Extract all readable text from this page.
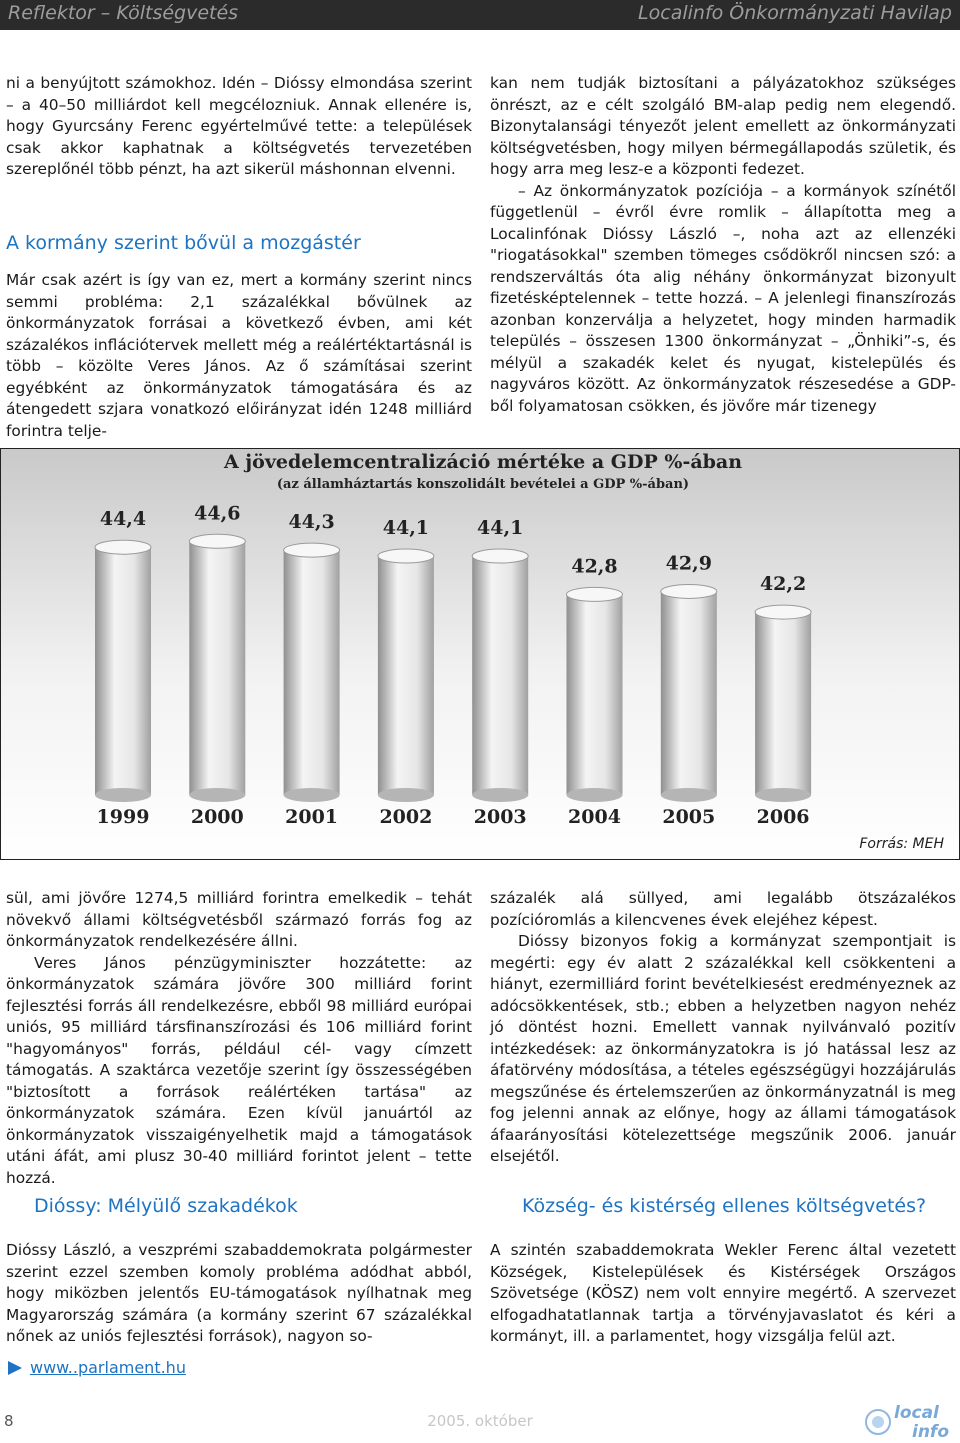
Reflektor – Költségvetés	Localinfo Önkormányzati Havilap

ni a benyújtott számokhoz. Idén – Dióssy elmondása szerint – a 40–50 milliárdot kell megcélozniuk. Annak ellenére is, hogy Gyurcsány Ferenc egyértelművé tette: a települések csak akkor kaphatnak a költségvetés tervezetében szereplőnél több pénzt, ha azt sikerül máshonnan elvenni.

A kormány szerint bővül a mozgástér

Már csak azért is így van ez, mert a kormány szerint nincs semmi probléma: 2,1 százalékkal bővülnek az önkormányzatok forrásai a következő évben, ami két százalékos inflációtervek mellett még a reálértéktartásnál is több – közölte Veres János. Az ő számításai szerint egyébként az önkormányzatok támogatására és az átengedett szjara vonatkozó előirányzat idén 1248 milliárd forintra telje-

kan nem tudják biztosítani a pályázatokhoz szükséges önrészt, az e célt szolgáló BM-alap pedig nem elegendő. Bizonytalansági tényezőt jelent emellett az önkormányzati költségvetésben, hogy milyen bérmegállapodás születik, és hogy arra meg lesz-e a központi fedezet.

– Az önkormányzatok pozíciója – a kormányok színétől függetlenül – évről évre romlik – állapította meg a Localinfónak Dióssy László –, noha azt az ellenzéki "riogatásokkal" szemben tömeges csődökről nincsen szó: a rendszerváltás óta alig néhány önkormányzat bizonyult fizetésképtelennek – tette hozzá. – A jelenlegi finanszírozás azonban konzerválja a helyzetet, hogy minden harmadik település – összesen 1300 önkormányzat – „Önhiki”-s, és mélyül a szakadék kelet és nyugat, kistelepülés és nagyváros között. Az önkormányzatok részesedése a GDP-ből folyamatosan csökken, és jövőre már tizenegy

A jövedelemcentralizáció mértéke a GDP %-ában
(az államháztartás konszolidált bevételei a GDP %-ában)
44,4
1999
44,6
2000
44,3
2001
44,1
2002
44,1
2003
42,8
2004
42,9
2005
42,2
2006
Forrás: MEH

sül, ami jövőre 1274,5 milliárd forintra emelkedik – tehát növekvő állami költségvetésből származó forrás fog az önkormányzatok rendelkezésére állni.

Veres János pénzügyminiszter hozzátette: az önkormányzatok számára jövőre 300 milliárd forint fejlesztési forrás áll rendelkezésre, ebből 98 milliárd európai uniós, 95 milliárd társfinanszírozási és 106 milliárd forint "hagyományos" forrás, például cél- vagy címzett támogatás. A szaktárca vezetője szerint így összességében "biztosított a források reálértéken tartása" az önkormányzatok számára. Ezen kívül januártól az önkormányzatok visszaigényelhetik majd a támogatások utáni áfát, ami plusz 30-40 milliárd forintot jelent – tette hozzá.

Dióssy: Mélyülő szakadékok

Dióssy László, a veszprémi szabaddemokrata polgármester szerint ezzel szemben komoly probléma adódhat abból, hogy miközben jelentős EU-támogatások nyílhatnak meg Magyarország számára (a kormány szerint 67 százalékkal nőnek az uniós fejlesztési források), nagyon so-

www..parlament.hu

százalék alá süllyed, ami legalább ötszázalékos pozícióromlás a kilencvenes évek elejéhez képest.

Dióssy bizonyos fokig a kormányzat szempontjait is megérti: egy év alatt 2 százalékkal kell csökkenteni a hiányt, ezermilliárd forint bevételkiesést eredményeznek az adócsökkentések, stb.; ebben a helyzetben nagyon nehéz jó döntést hozni. Emellett vannak nyilvánvaló pozitív intézkedések: az önkormányzatokra is jó hatással lesz az áfatörvény módosítása, a tételes egészségügyi hozzájárulás megszűnése és értelemszerűen az önkormányzatnál is meg fog jelenni annak az előnye, hogy az állami támogatások áfaarányosítási kötelezettsége megszűnik 2006. január elsejétől.

Község- és kistérség ellenes költségvetés?

A szintén szabaddemokrata Wekler Ferenc által vezetett Községek, Kistelepülések és Kistérségek Országos Szövetsége (KÖSZ) nem volt ennyire megértő. A szervezet elfogadhatatlannak tartja a törvényjavaslatot és kéri a kormányt, ill. a parlamentet, hogy vizsgálja felül azt.

8	2005. október	local
info
